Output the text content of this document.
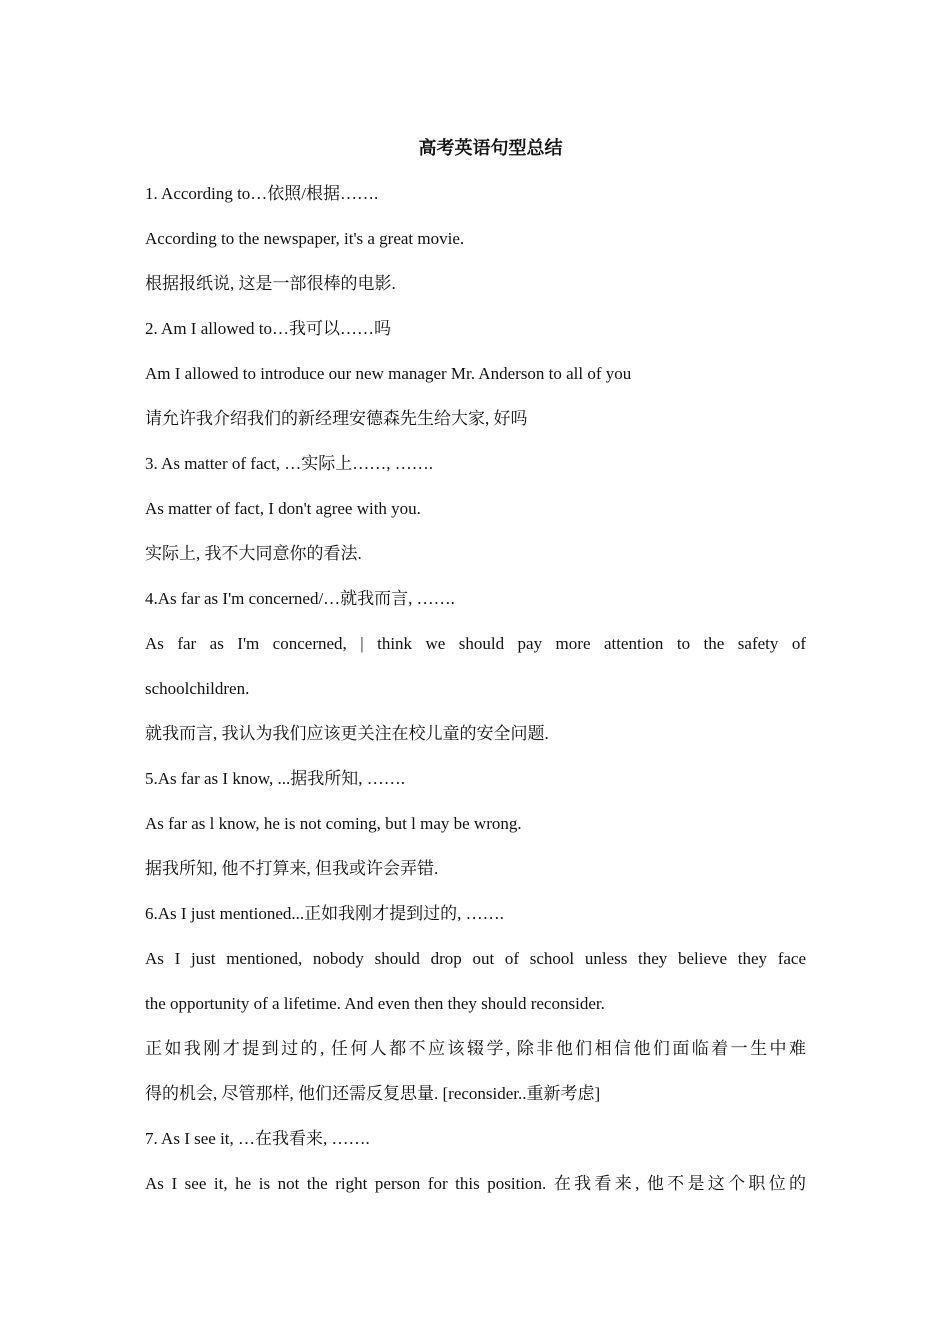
高考英语句型总结

1. According to…依照/根据…….

According to the newspaper, it's a great movie.

根据报纸说, 这是一部很棒的电影.

2. Am I allowed to…我可以……吗

Am I allowed to introduce our new manager Mr. Anderson to all of you

请允许我介绍我们的新经理安德森先生给大家, 好吗

3. As matter of fact, …实际上……, …….

As matter of fact, I don't agree with you.

实际上, 我不大同意你的看法.

4.As far as I'm concerned/…就我而言, …….

As far as I'm concerned, | think we should pay more attention to the safety of

schoolchildren.

就我而言, 我认为我们应该更关注在校儿童的安全问题.

5.As far as I know, ...据我所知, …….

As far as l know, he is not coming, but l may be wrong.

据我所知, 他不打算来, 但我或许会弄错.

6.As I just mentioned...正如我刚才提到过的, …….

As I just mentioned, nobody should drop out of school unless they believe they face

the opportunity of a lifetime. And even then they should reconsider.

正如我刚才提到过的, 任何人都不应该辍学, 除非他们相信他们面临着一生中难

得的机会, 尽管那样, 他们还需反复思量. [reconsider..重新考虑]

7. As I see it, …在我看来, …….

As I see it, he is not the right person for this position. 在我看来, 他不是这个职位的
